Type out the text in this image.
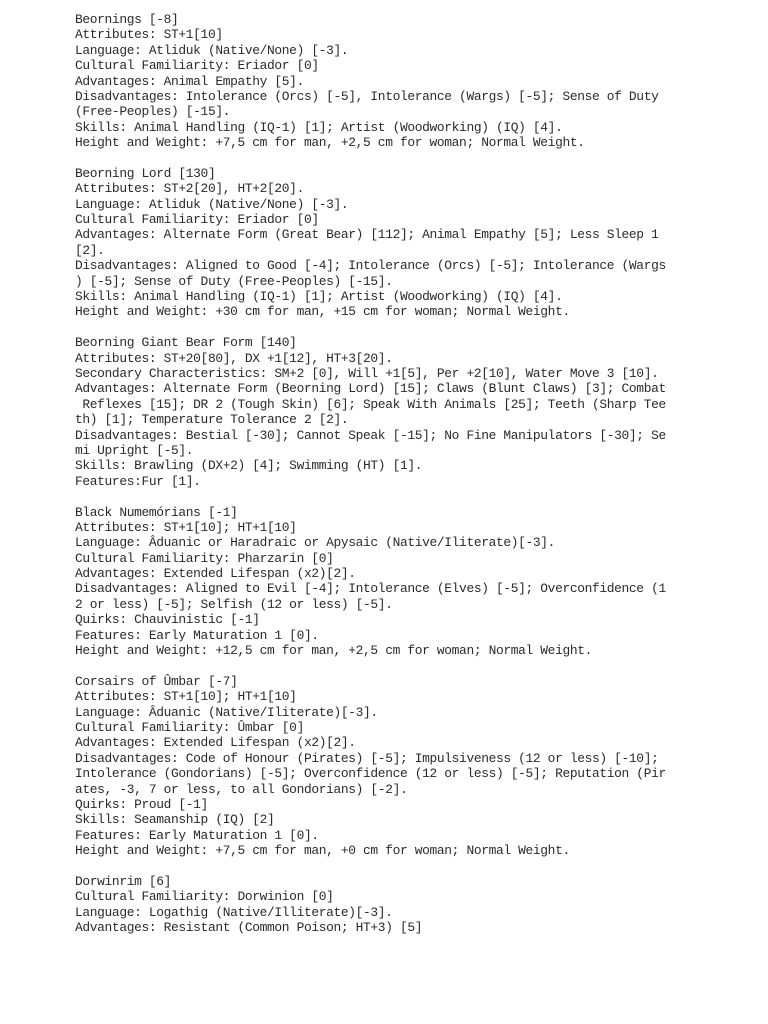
Beornings [-8]
Attributes: ST+1[10]
Language: Atliduk (Native/None) [-3].
Cultural Familiarity: Eriador [0]
Advantages: Animal Empathy [5].
Disadvantages: Intolerance (Orcs) [-5], Intolerance (Wargs) [-5]; Sense of Duty
(Free-Peoples) [-15].
Skills: Animal Handling (IQ-1) [1]; Artist (Woodworking) (IQ) [4].
Height and Weight: +7,5 cm for man, +2,5 cm for woman; Normal Weight.
Beorning Lord [130]
Attributes: ST+2[20], HT+2[20].
Language: Atliduk (Native/None) [-3].
Cultural Familiarity: Eriador [0]
Advantages: Alternate Form (Great Bear) [112]; Animal Empathy [5]; Less Sleep 1
[2].
Disadvantages: Aligned to Good [-4]; Intolerance (Orcs) [-5]; Intolerance (Wargs
) [-5]; Sense of Duty (Free-Peoples) [-15].
Skills: Animal Handling (IQ-1) [1]; Artist (Woodworking) (IQ) [4].
Height and Weight: +30 cm for man, +15 cm for woman; Normal Weight.
Beorning Giant Bear Form [140]
Attributes: ST+20[80], DX +1[12], HT+3[20].
Secondary Characteristics: SM+2 [0], Will +1[5], Per +2[10], Water Move 3 [10].
Advantages: Alternate Form (Beorning Lord) [15]; Claws (Blunt Claws) [3]; Combat
Reflexes [15]; DR 2 (Tough Skin) [6]; Speak With Animals [25]; Teeth (Sharp Tee
th) [1]; Temperature Tolerance 2 [2].
Disadvantages: Bestial [-30]; Cannot Speak [-15]; No Fine Manipulators [-30]; Se
mi Upright [-5].
Skills: Brawling (DX+2) [4]; Swimming (HT) [1].
Features:Fur [1].
Black Numemórians [-1]
Attributes: ST+1[10]; HT+1[10]
Language: Âduanic or Haradraic or Apysaic (Native/Iliterate)[-3].
Cultural Familiarity: Pharzarin [0]
Advantages: Extended Lifespan (x2)[2].
Disadvantages: Aligned to Evil [-4]; Intolerance (Elves) [-5]; Overconfidence (1
2 or less) [-5]; Selfish (12 or less) [-5].
Quirks: Chauvinistic [-1]
Features: Early Maturation 1 [0].
Height and Weight: +12,5 cm for man, +2,5 cm for woman; Normal Weight.
Corsairs of Ûmbar [-7]
Attributes: ST+1[10]; HT+1[10]
Language: Âduanic (Native/Iliterate)[-3].
Cultural Familiarity: Ûmbar [0]
Advantages: Extended Lifespan (x2)[2].
Disadvantages: Code of Honour (Pirates) [-5]; Impulsiveness (12 or less) [-10];
Intolerance (Gondorians) [-5]; Overconfidence (12 or less) [-5]; Reputation (Pir
ates, -3, 7 or less, to all Gondorians) [-2].
Quirks: Proud [-1]
Skills: Seamanship (IQ) [2]
Features: Early Maturation 1 [0].
Height and Weight: +7,5 cm for man, +0 cm for woman; Normal Weight.
Dorwinrim [6]
Cultural Familiarity: Dorwinion [0]
Language: Logathig (Native/Illiterate)[-3].
Advantages: Resistant (Common Poison; HT+3) [5]
